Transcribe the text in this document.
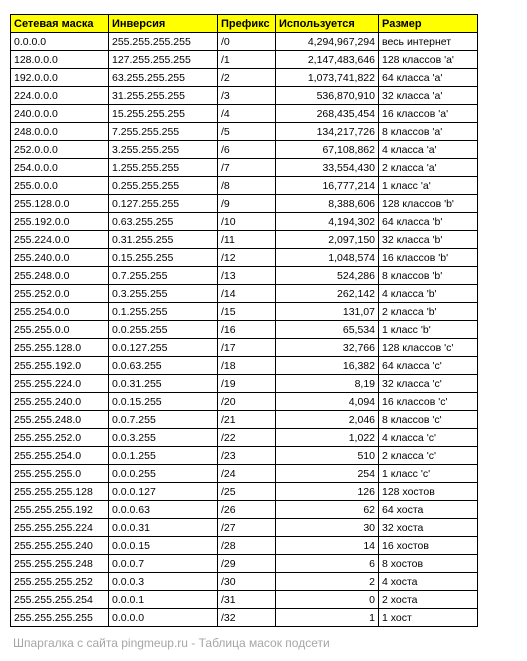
Сетевая маска	Инверсия	Префикс	Используется	Размер
0.0.0.0	255.255.255.255	/0	4,294,967,294	весь интернет
128.0.0.0	127.255.255.255	/1	2,147,483,646	128 классов 'a'
192.0.0.0	63.255.255.255	/2	1,073,741,822	64 класса 'a'
224.0.0.0	31.255.255.255	/3	536,870,910	32 класса 'a'
240.0.0.0	15.255.255.255	/4	268,435,454	16 классов 'a'
248.0.0.0	7.255.255.255	/5	134,217,726	8 классов 'a'
252.0.0.0	3.255.255.255	/6	67,108,862	4 класса 'a'
254.0.0.0	1.255.255.255	/7	33,554,430	2 класса 'a'
255.0.0.0	0.255.255.255	/8	16,777,214	1 класс 'a'
255.128.0.0	0.127.255.255	/9	8,388,606	128 классов 'b'
255.192.0.0	0.63.255.255	/10	4,194,302	64 класса 'b'
255.224.0.0	0.31.255.255	/11	2,097,150	32 класса 'b'
255.240.0.0	0.15.255.255	/12	1,048,574	16 классов 'b'
255.248.0.0	0.7.255.255	/13	524,286	8 классов 'b'
255.252.0.0	0.3.255.255	/14	262,142	4 класса 'b'
255.254.0.0	0.1.255.255	/15	131,07	2 класса 'b'
255.255.0.0	0.0.255.255	/16	65,534	1 класс 'b'
255.255.128.0	0.0.127.255	/17	32,766	128 классов 'c'
255.255.192.0	0.0.63.255	/18	16,382	64 класса 'c'
255.255.224.0	0.0.31.255	/19	8,19	32 класса 'c'
255.255.240.0	0.0.15.255	/20	4,094	16 классов 'c'
255.255.248.0	0.0.7.255	/21	2,046	8 классов 'c'
255.255.252.0	0.0.3.255	/22	1,022	4 класса 'c'
255.255.254.0	0.0.1.255	/23	510	2 класса 'c'
255.255.255.0	0.0.0.255	/24	254	1 класс 'c'
255.255.255.128	0.0.0.127	/25	126	128 хостов
255.255.255.192	0.0.0.63	/26	62	64 хоста
255.255.255.224	0.0.0.31	/27	30	32 хоста
255.255.255.240	0.0.0.15	/28	14	16 хостов
255.255.255.248	0.0.0.7	/29	6	8 хостов
255.255.255.252	0.0.0.3	/30	2	4 хоста
255.255.255.254	0.0.0.1	/31	0	2 хоста
255.255.255.255	0.0.0.0	/32	1	1 хост
Шпаргалка с сайта pingmeup.ru - Таблица масок подсети
